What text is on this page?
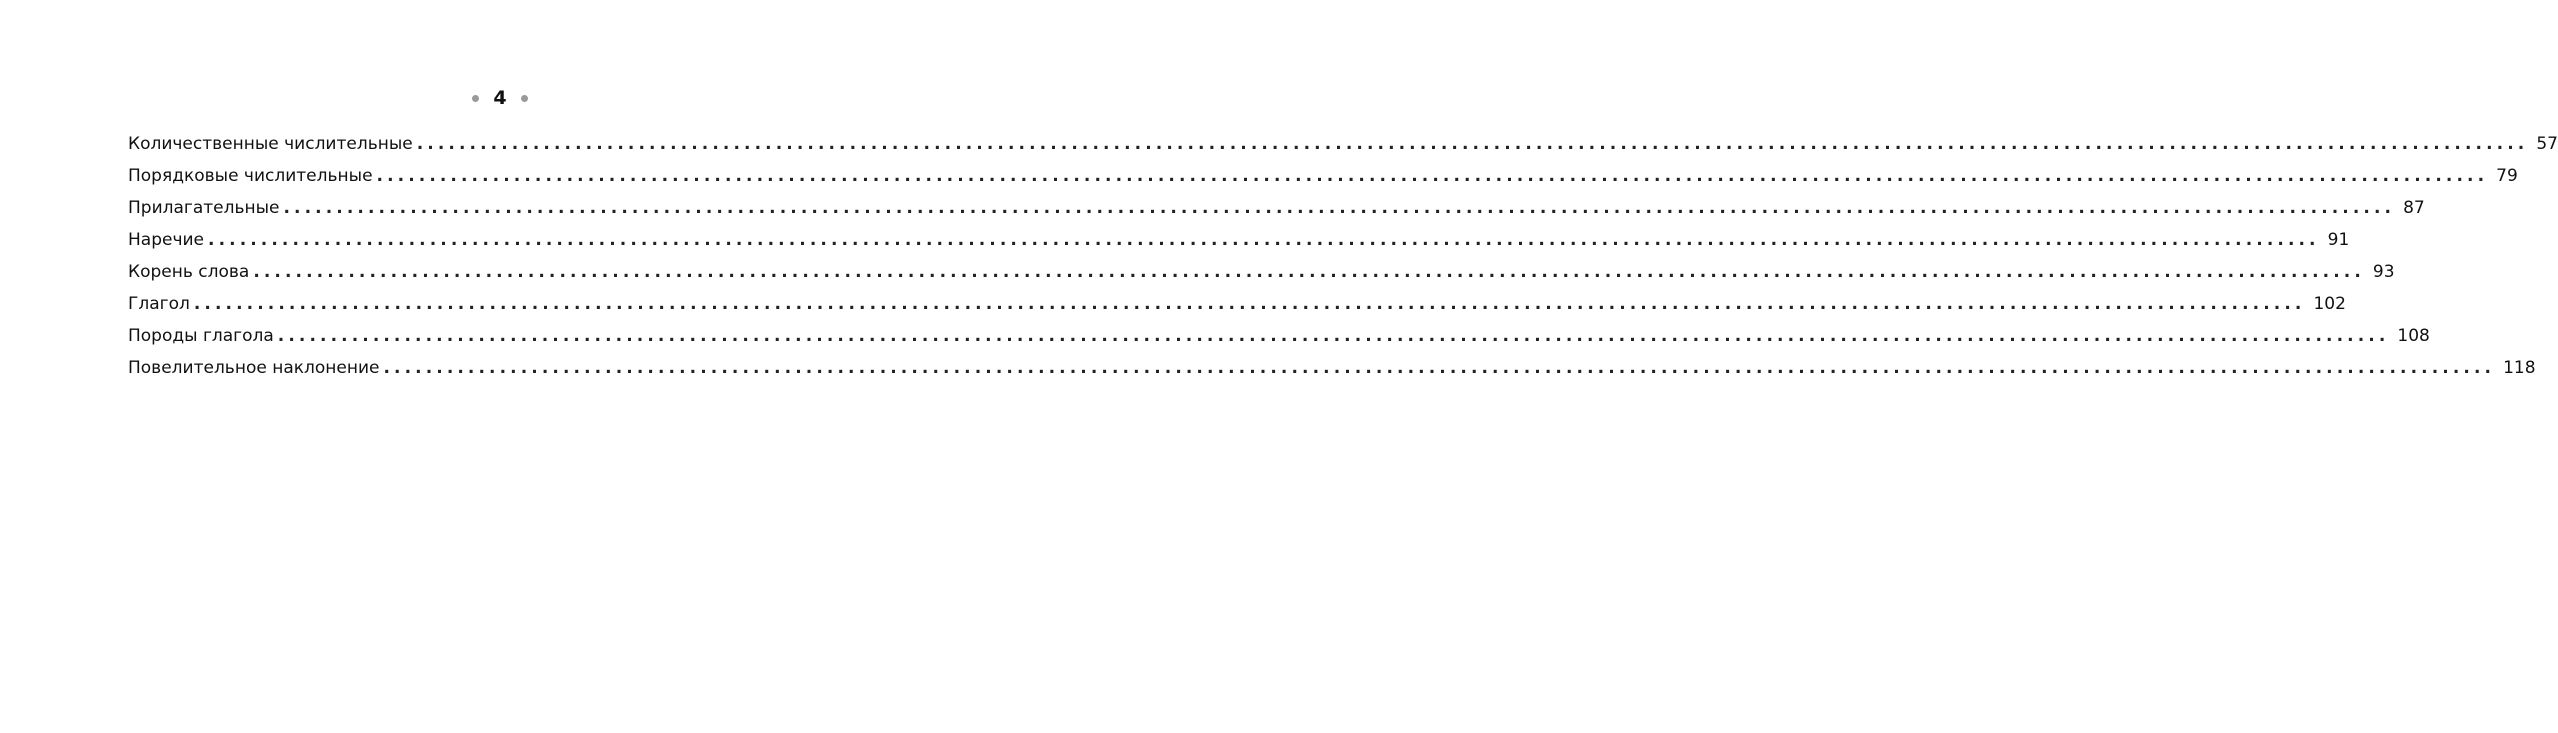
4
Количественные числительные ........................................................................................................................................................................................................ 57
Порядковые числительные ........................................................................................................................................................................................................ 79
Прилагательные ........................................................................................................................................................................................................ 87
Наречие ........................................................................................................................................................................................................ 91
Корень слова ........................................................................................................................................................................................................ 93
Глагол ........................................................................................................................................................................................................ 102
Породы глагола ........................................................................................................................................................................................................ 108
Повелительное наклонение ........................................................................................................................................................................................................ 118
